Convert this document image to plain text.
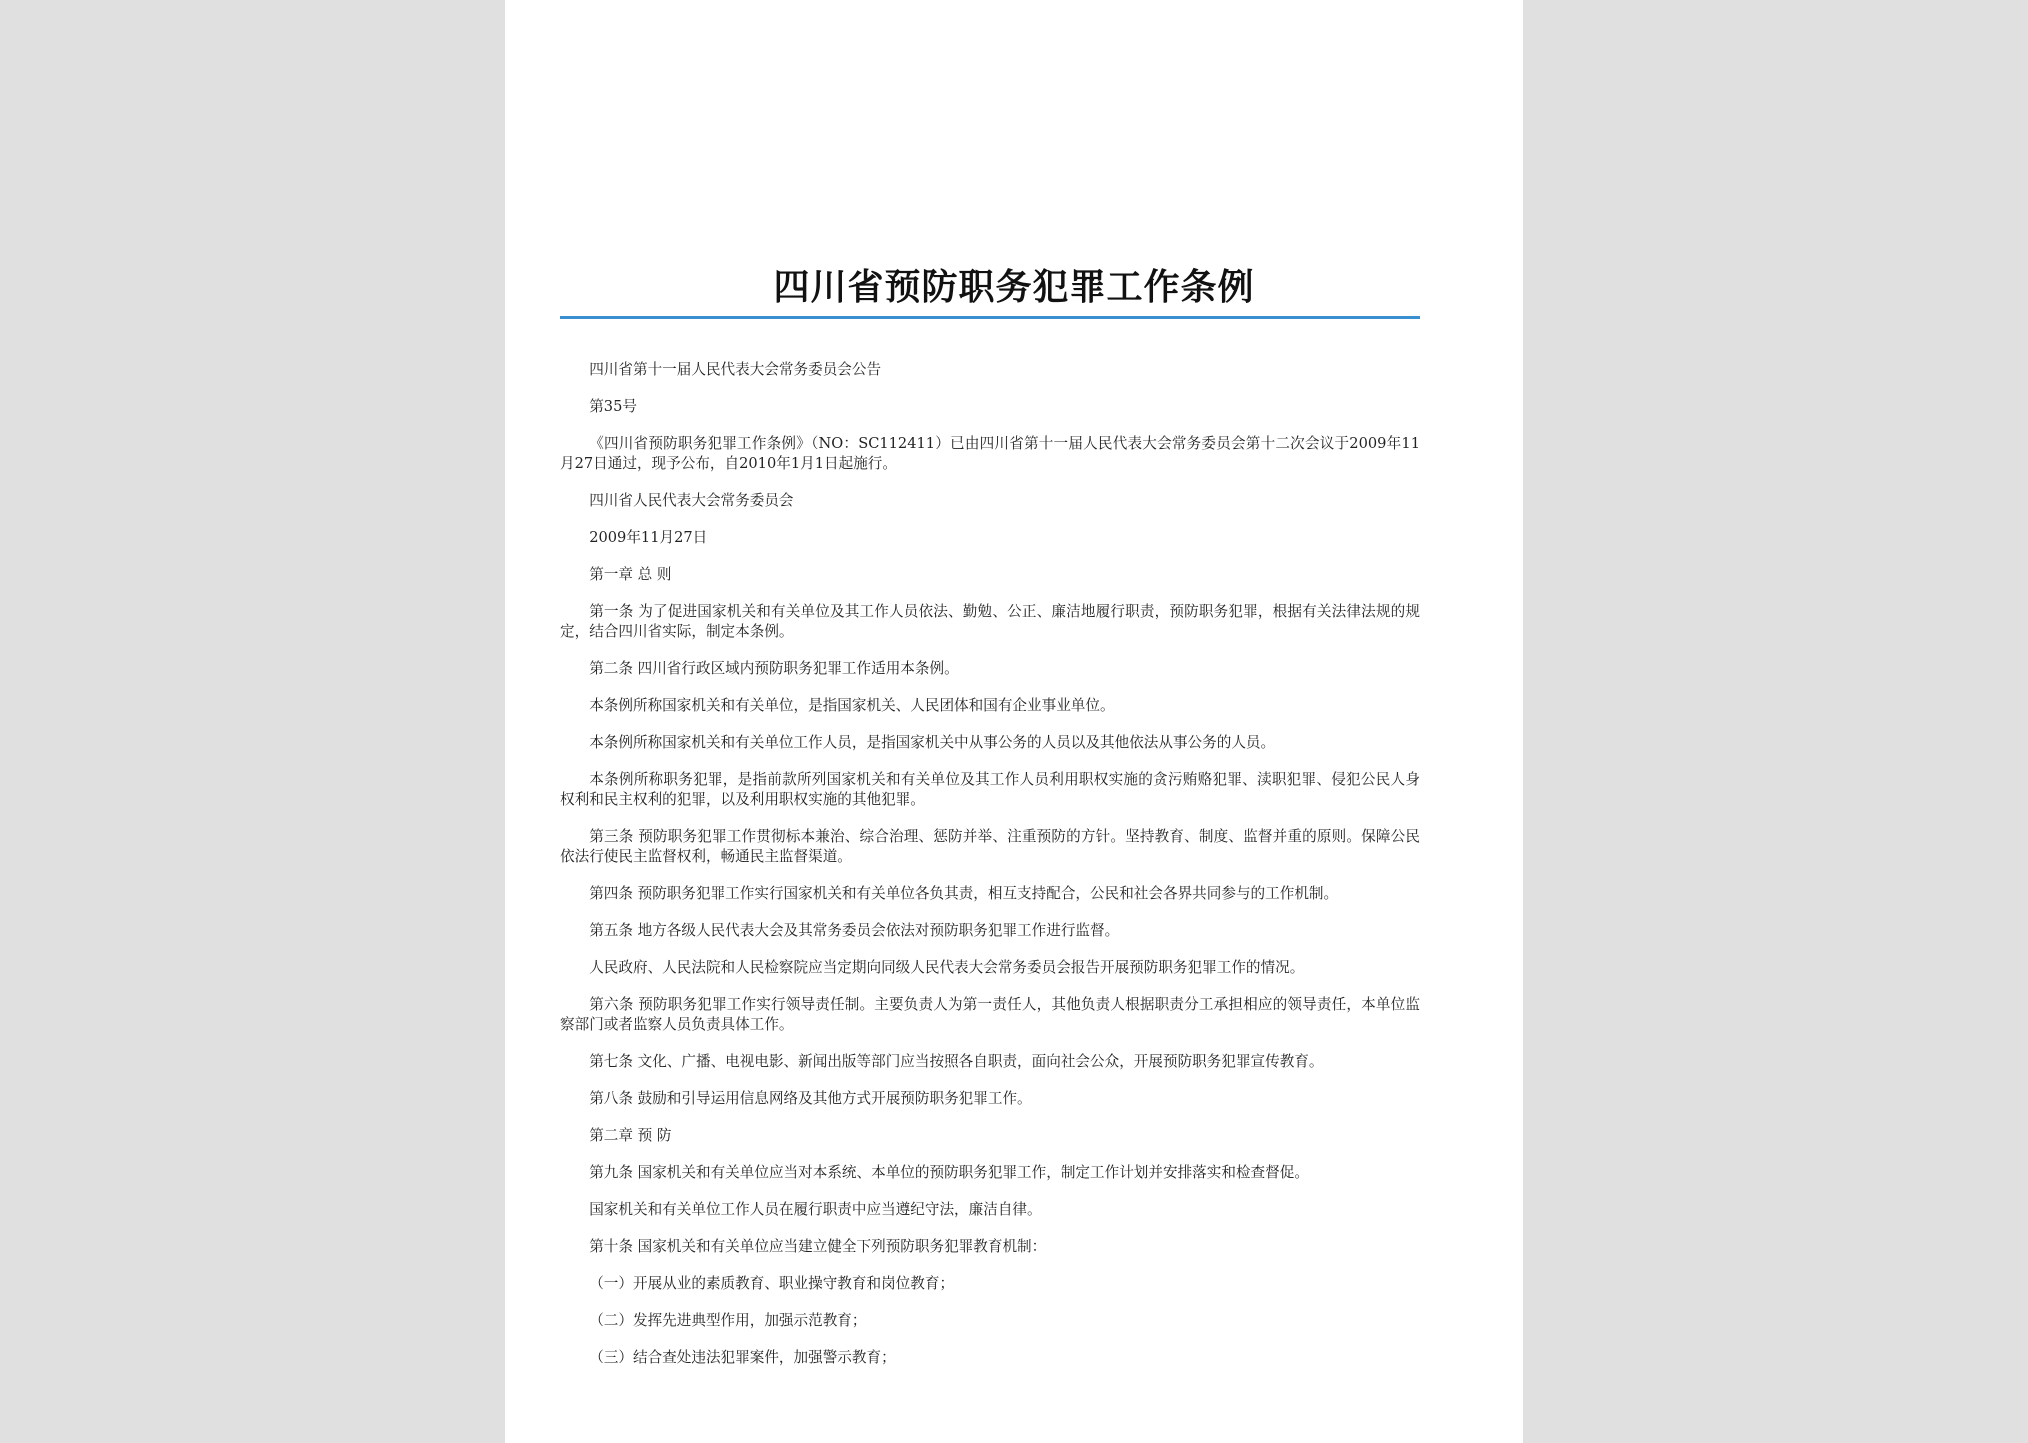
四川省预防职务犯罪工作条例

四川省第十一届人民代表大会常务委员会公告

第35号

《四川省预防职务犯罪工作条例》（NO：SC112411）已由四川省第十一届人民代表大会常务委员会第十二次会议于2009年11月27日通过，现予公布，自2010年1月1日起施行。

四川省人民代表大会常务委员会

2009年11月27日

第一章 总 则

第一条 为了促进国家机关和有关单位及其工作人员依法、勤勉、公正、廉洁地履行职责，预防职务犯罪，根据有关法律法规的规定，结合四川省实际，制定本条例。

第二条 四川省行政区域内预防职务犯罪工作适用本条例。

本条例所称国家机关和有关单位，是指国家机关、人民团体和国有企业事业单位。

本条例所称国家机关和有关单位工作人员，是指国家机关中从事公务的人员以及其他依法从事公务的人员。

本条例所称职务犯罪，是指前款所列国家机关和有关单位及其工作人员利用职权实施的贪污贿赂犯罪、渎职犯罪、侵犯公民人身权利和民主权利的犯罪，以及利用职权实施的其他犯罪。

第三条 预防职务犯罪工作贯彻标本兼治、综合治理、惩防并举、注重预防的方针。坚持教育、制度、监督并重的原则。保障公民依法行使民主监督权利，畅通民主监督渠道。

第四条 预防职务犯罪工作实行国家机关和有关单位各负其责，相互支持配合，公民和社会各界共同参与的工作机制。

第五条 地方各级人民代表大会及其常务委员会依法对预防职务犯罪工作进行监督。

人民政府、人民法院和人民检察院应当定期向同级人民代表大会常务委员会报告开展预防职务犯罪工作的情况。

第六条 预防职务犯罪工作实行领导责任制。主要负责人为第一责任人，其他负责人根据职责分工承担相应的领导责任，本单位监察部门或者监察人员负责具体工作。

第七条 文化、广播、电视电影、新闻出版等部门应当按照各自职责，面向社会公众，开展预防职务犯罪宣传教育。

第八条 鼓励和引导运用信息网络及其他方式开展预防职务犯罪工作。

第二章 预 防

第九条 国家机关和有关单位应当对本系统、本单位的预防职务犯罪工作，制定工作计划并安排落实和检查督促。

国家机关和有关单位工作人员在履行职责中应当遵纪守法，廉洁自律。

第十条 国家机关和有关单位应当建立健全下列预防职务犯罪教育机制：

（一）开展从业的素质教育、职业操守教育和岗位教育；

（二）发挥先进典型作用，加强示范教育；

（三）结合查处违法犯罪案件，加强警示教育；
